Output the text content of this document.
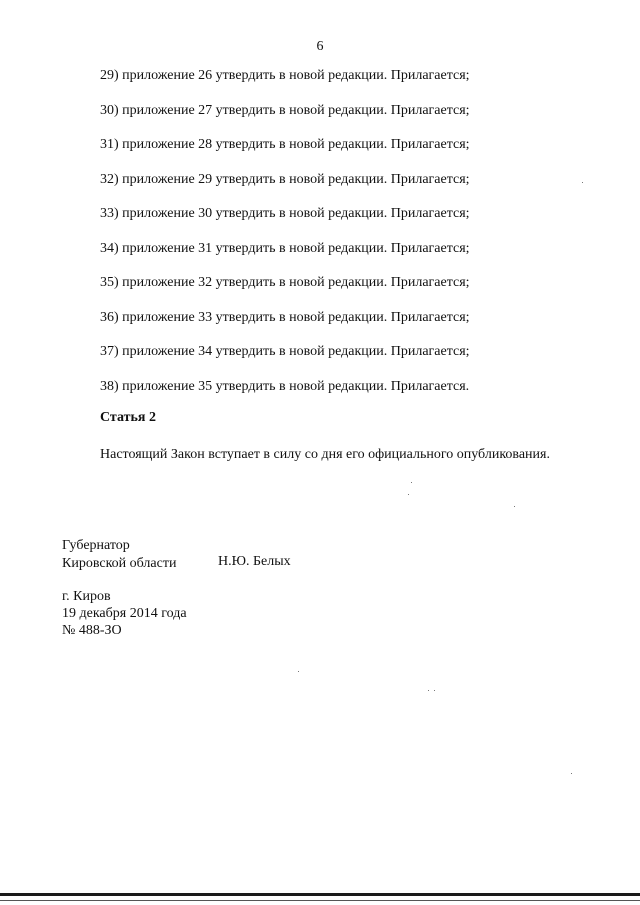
6
29) приложение 26 утвердить в новой редакции. Прилагается;
30) приложение 27 утвердить в новой редакции. Прилагается;
31) приложение 28 утвердить в новой редакции. Прилагается;
32) приложение 29 утвердить в новой редакции. Прилагается;
33) приложение 30 утвердить в новой редакции. Прилагается;
34) приложение 31 утвердить в новой редакции. Прилагается;
35) приложение 32 утвердить в новой редакции. Прилагается;
36) приложение 33 утвердить в новой редакции. Прилагается;
37) приложение 34 утвердить в новой редакции. Прилагается;
38) приложение 35 утвердить в новой редакции. Прилагается.
Статья 2
Настоящий Закон вступает в силу со дня его официального опубликования.
Губернатор
Кировской области	Н.Ю. Белых
г. Киров
19 декабря 2014 года
№ 488-ЗО
